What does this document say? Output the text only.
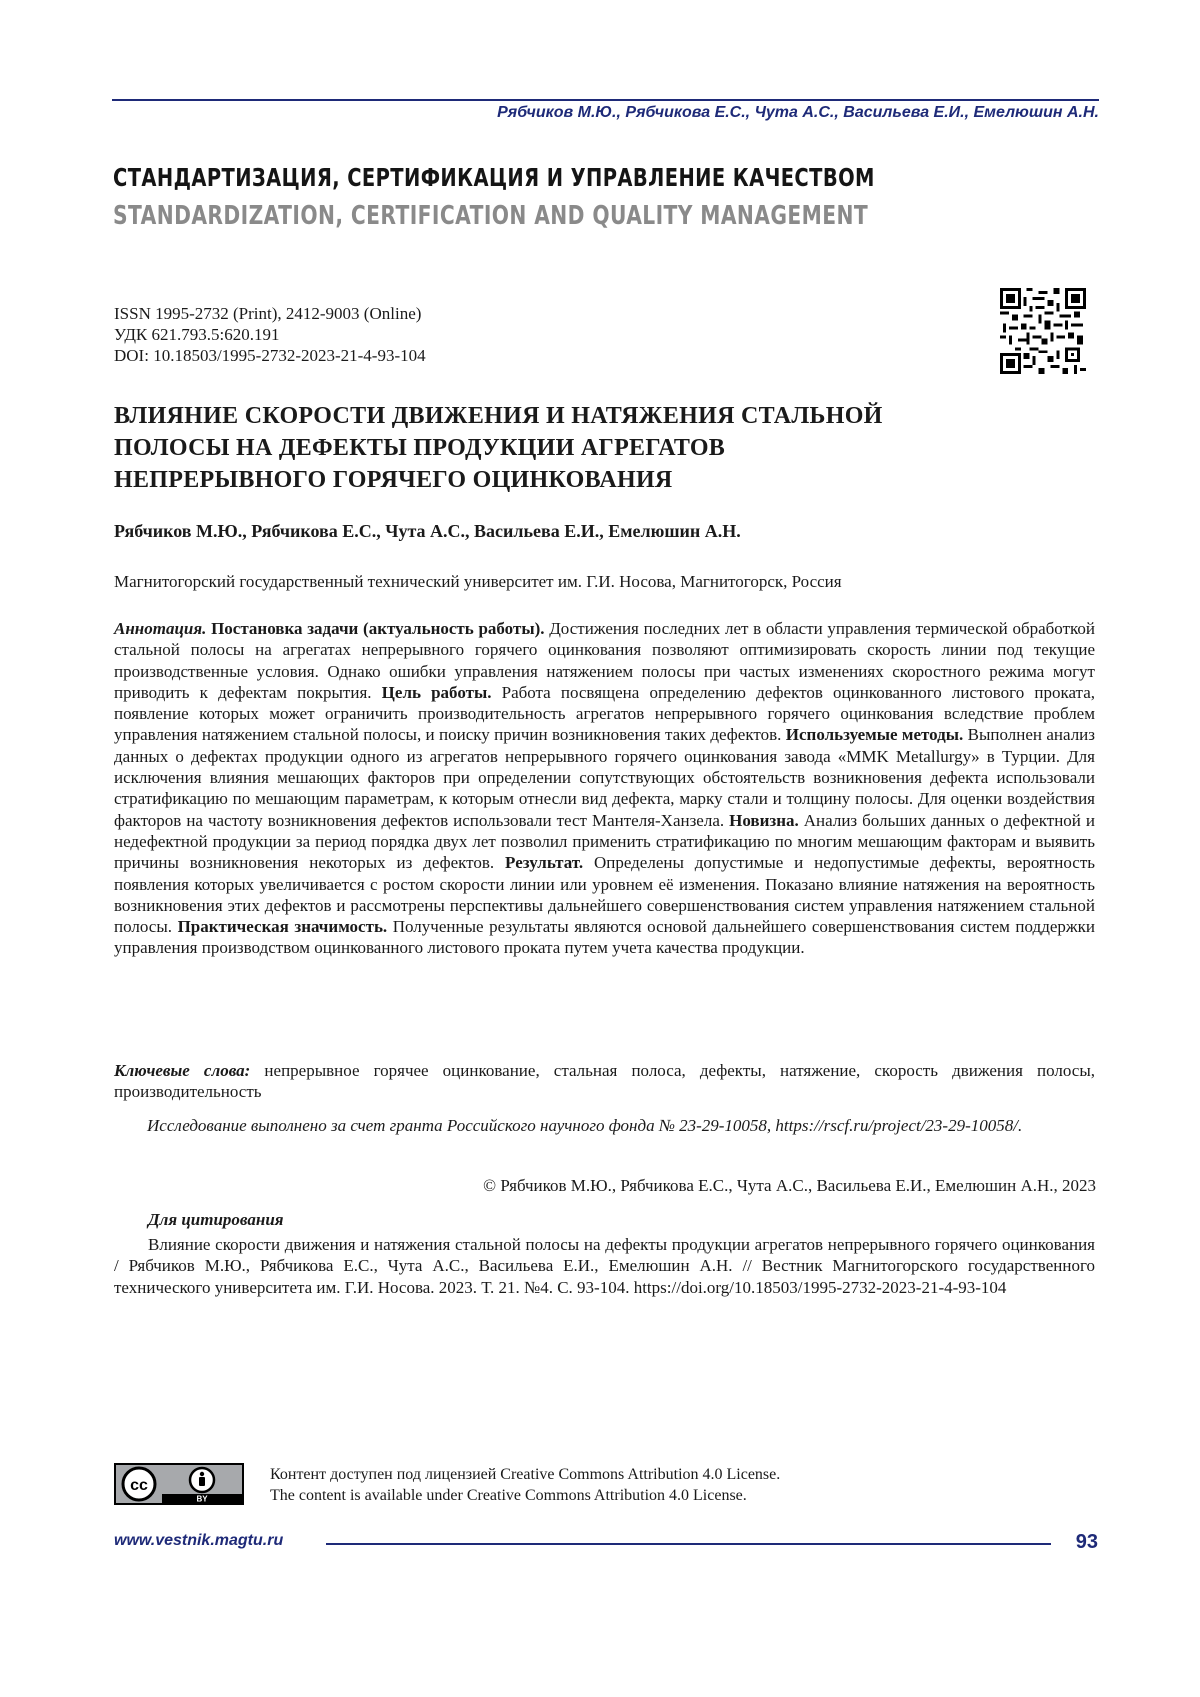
Рябчиков М.Ю., Рябчикова Е.С., Чута А.С., Васильева Е.И., Емелюшин А.Н.
СТАНДАРТИЗАЦИЯ, СЕРТИФИКАЦИЯ И УПРАВЛЕНИЕ КАЧЕСТВОМ
STANDARDIZATION, CERTIFICATION AND QUALITY MANAGEMENT
ISSN 1995-2732 (Print), 2412-9003 (Online)
УДК 621.793.5:620.191
DOI: 10.18503/1995-2732-2023-21-4-93-104
ВЛИЯНИЕ СКОРОСТИ ДВИЖЕНИЯ И НАТЯЖЕНИЯ СТАЛЬНОЙ
ПОЛОСЫ НА ДЕФЕКТЫ ПРОДУКЦИИ АГРЕГАТОВ
НЕПРЕРЫВНОГО ГОРЯЧЕГО ОЦИНКОВАНИЯ
Рябчиков М.Ю., Рябчикова Е.С., Чута А.С., Васильева Е.И., Емелюшин А.Н.
Магнитогорский государственный технический университет им. Г.И. Носова, Магнитогорск, Россия
Аннотация. Постановка задачи (актуальность работы). Достижения последних лет в области управления термической обработкой стальной полосы на агрегатах непрерывного горячего оцинкования позволяют оптимизировать скорость линии под текущие производственные условия. Однако ошибки управления натяжением полосы при частых изменениях скоростного режима могут приводить к дефектам покрытия. Цель работы. Работа посвящена определению дефектов оцинкованного листового проката, появление которых может ограничить производительность агрегатов непрерывного горячего оцинкования вследствие проблем управления натяжением стальной полосы, и поиску причин возникновения таких дефектов. Используемые методы. Выполнен анализ данных о дефектах продукции одного из агрегатов непрерывного горячего оцинкования завода «MMK Metallurgy» в Турции. Для исключения влияния мешающих факторов при определении сопутствующих обстоятельств возникновения дефекта использовали стратификацию по мешающим параметрам, к которым отнесли вид дефекта, марку стали и толщину полосы. Для оценки воздействия факторов на частоту возникновения дефектов использовали тест Мантеля-Ханзела. Новизна. Анализ больших данных о дефектной и недефектной продукции за период порядка двух лет позволил применить стратификацию по многим мешающим факторам и выявить причины возникновения некоторых из дефектов. Результат. Определены допустимые и недопустимые дефекты, вероятность появления которых увеличивается с ростом скорости линии или уровнем её изменения. Показано влияние натяжения на вероятность возникновения этих дефектов и рассмотрены перспективы дальнейшего совершенствования систем управления натяжением стальной полосы. Практическая значимость. Полученные результаты являются основой дальнейшего совершенствования систем поддержки управления производством оцинкованного листового проката путем учета качества продукции.
Ключевые слова: непрерывное горячее оцинкование, стальная полоса, дефекты, натяжение, скорость движения полосы, производительность
Исследование выполнено за счет гранта Российского научного фонда № 23-29-10058, https://rscf.ru/project/23-29-10058/.
© Рябчиков М.Ю., Рябчикова Е.С., Чута А.С., Васильева Е.И., Емелюшин А.Н., 2023
Для цитирования
Влияние скорости движения и натяжения стальной полосы на дефекты продукции агрегатов непрерывного горячего оцинкования / Рябчиков М.Ю., Рябчикова Е.С., Чута А.С., Васильева Е.И., Емелюшин А.Н. // Вестник Магнитогорского государственного технического университета им. Г.И. Носова. 2023. Т. 21. №4. С. 93-104. https://doi.org/10.18503/1995-2732-2023-21-4-93-104
cc
BY
Контент доступен под лицензией Creative Commons Attribution 4.0 License.
The content is available under Creative Commons Attribution 4.0 License.
www.vestnik.magtu.ru	93
